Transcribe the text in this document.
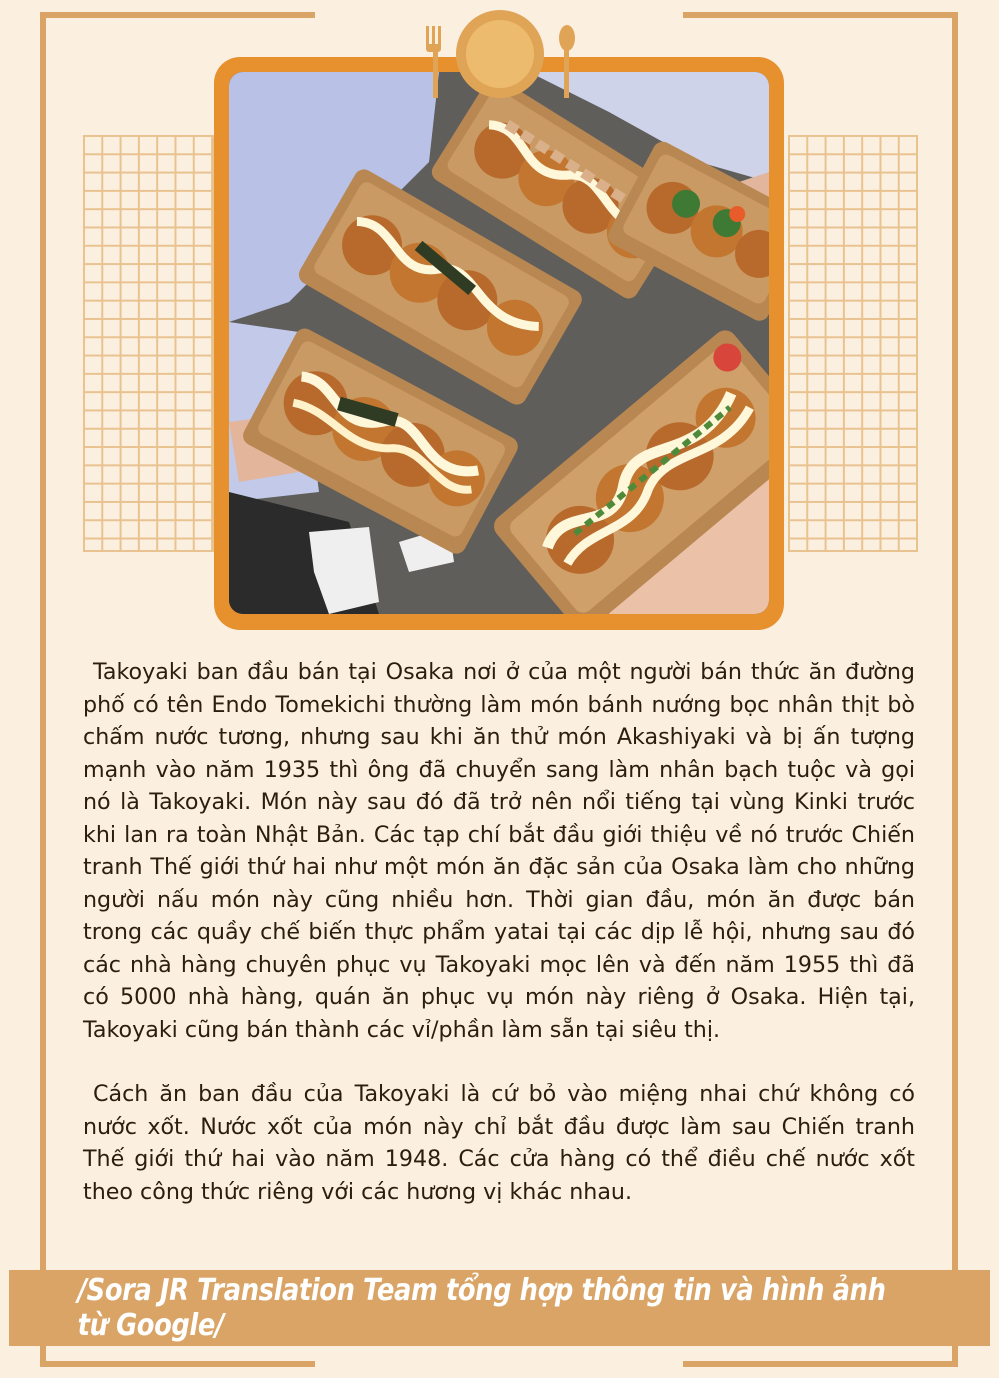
Takoyaki ban đầu bán tại Osaka nơi ở của một người bán thức ăn đường phố có tên Endo Tomekichi thường làm món bánh nướng bọc nhân thịt bò chấm nước tương, nhưng sau khi ăn thử món Akashiyaki và bị ấn tượng mạnh vào năm 1935 thì ông đã chuyển sang làm nhân bạch tuộc và gọi nó là Takoyaki. Món này sau đó đã trở nên nổi tiếng tại vùng Kinki trước khi lan ra toàn Nhật Bản. Các tạp chí bắt đầu giới thiệu về nó trước Chiến tranh Thế giới thứ hai như một món ăn đặc sản của Osaka làm cho những người nấu món này cũng nhiều hơn. Thời gian đầu, món ăn được bán trong các quầy chế biến thực phẩm yatai tại các dịp lễ hội, nhưng sau đó các nhà hàng chuyên phục vụ Takoyaki mọc lên và đến năm 1955 thì đã có 5000 nhà hàng, quán ăn phục vụ món này riêng ở Osaka. Hiện tại, Takoyaki cũng bán thành các vỉ/phần làm sẵn tại siêu thị.

Cách ăn ban đầu của Takoyaki là cứ bỏ vào miệng nhai chứ không có nước xốt. Nước xốt của món này chỉ bắt đầu được làm sau Chiến tranh Thế giới thứ hai vào năm 1948. Các cửa hàng có thể điều chế nước xốt theo công thức riêng với các hương vị khác nhau.

/Sora JR Translation Team tổng hợp thông tin và hình ảnh từ Google/
